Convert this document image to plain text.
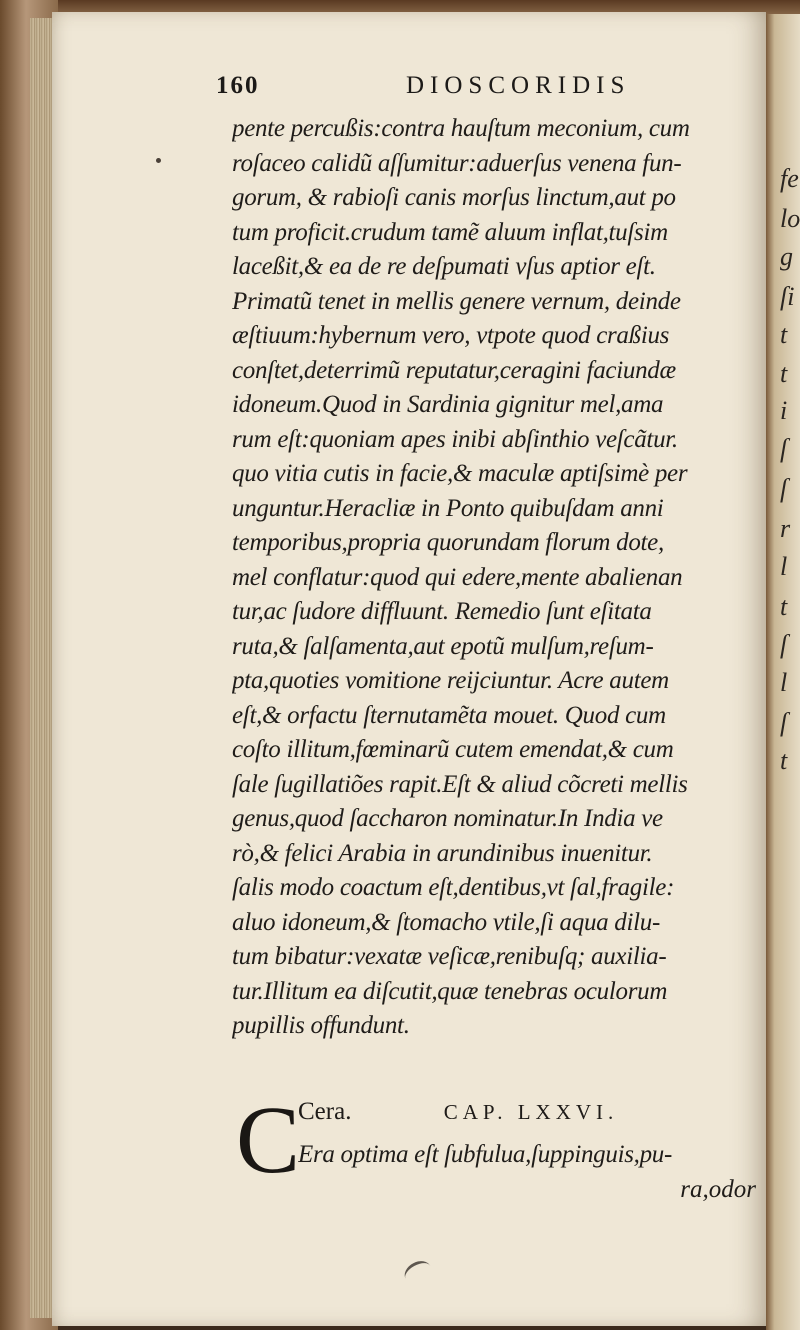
fe
lo
g
ſi
t
t
i
ſ
ſ
r
l
t
ſ
l
ſ
t
160	DIOSCORIDIS
pente percußis:contra hauſtum meconium, cum
roſaceo calidũ aſſumitur:aduerſus venena fun-
gorum, & rabioſi canis morſus linctum,aut po
tum proficit.crudum tamẽ aluum inflat,tuſsim
laceßit,& ea de re deſpumati vſus aptior eſt.
Primatũ tenet in mellis genere vernum, deinde
æſtiuum:hybernum vero, vtpote quod craßius
conſtet,deterrimũ reputatur,ceragini faciundæ
idoneum.Quod in Sardinia gignitur mel,ama
rum eſt:quoniam apes inibi abſinthio veſcãtur.
quo vitia cutis in facie,& maculæ aptiſsimè per
unguntur.Heracliæ in Ponto quibuſdam anni
temporibus,propria quorundam florum dote,
mel conflatur:quod qui edere,mente abalienan
tur,ac ſudore diffluunt. Remedio ſunt eſitata
ruta,& ſalſamenta,aut epotũ mulſum,reſum-
pta,quoties vomitione reijciuntur. Acre autem
eſt,& orfactu ſternutamẽta mouet. Quod cum
coſto illitum,fœminarũ cutem emendat,& cum
ſale ſugillatiões rapit.Eſt & aliud cõcreti mellis
genus,quod ſaccharon nominatur.In India ve
rò,& felici Arabia in arundinibus inuenitur.
ſalis modo coactum eſt,dentibus,vt ſal,fragile:
aluo idoneum,& ſtomacho vtile,ſi aqua dilu-
tum bibatur:vexatæ veſicæ,renibuſq; auxilia-
tur.Illitum ea diſcutit,quæ tenebras oculorum
pupillis offundunt.
C
Cera.	CAP. LXXVI.
Era optima eſt ſubfulua,ſuppinguis,pu-
ra,odor
